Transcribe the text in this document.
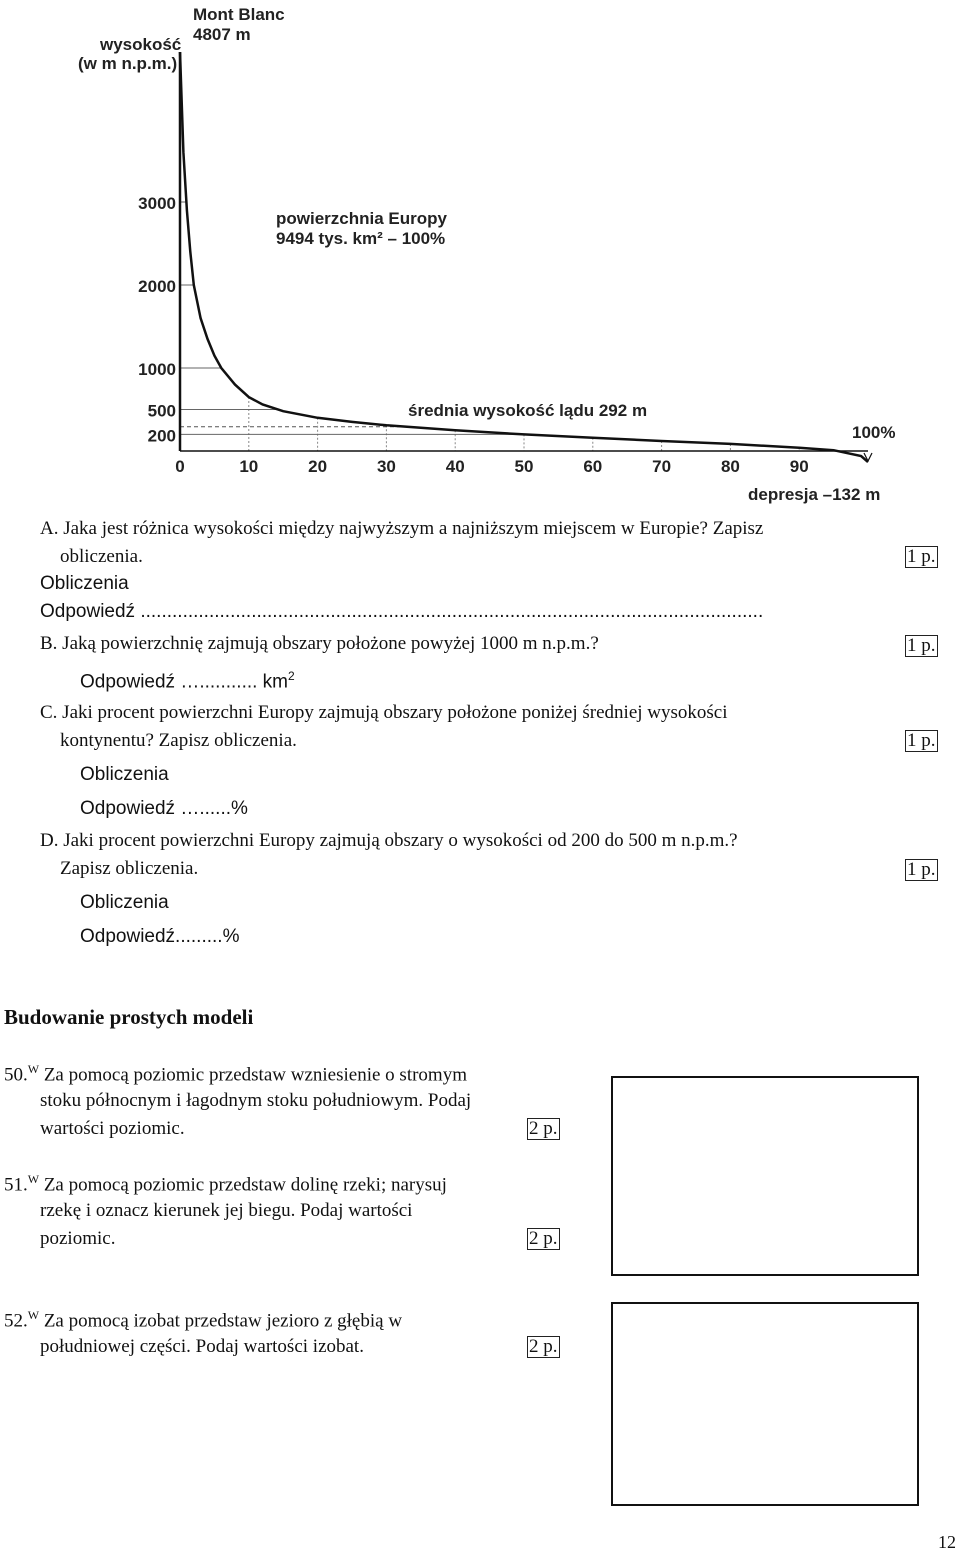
200
500
1000
2000
3000
0	10	20	30	40	50	60	70	80	90
Mont Blanc
4807 m
wysokość
(w m n.p.m.)
powierzchnia Europy
9494 tys. km² – 100%
średnia wysokość lądu 292 m
100%
depresja –132 m
A. Jaka jest różnica wysokości między najwyższym a najniższym miejscem w Europie? Zapisz
obliczenia.	1 p.
Obliczenia
Odpowiedź ......................................................................................................................
B. Jaką powierzchnię zajmują obszary położone powyżej 1000 m n.p.m.?	1 p.
Odpowiedź …........... $km^2$
C. Jaki procent powierzchni Europy zajmują obszary położone poniżej średniej wysokości
kontynentu? Zapisz obliczenia.	1 p.
Obliczenia
Odpowiedź …......%
D. Jaki procent powierzchni Europy zajmują obszary o wysokości od 200 do 500 m n.p.m.?
Zapisz obliczenia.	1 p.
Obliczenia
Odpowiedź.........%
Budowanie prostych modeli
50.$^W$ Za pomocą poziomic przedstaw wzniesienie o stromym
stoku północnym i łagodnym stoku południowym. Podaj
wartości poziomic.	2 p.
51.$^W$ Za pomocą poziomic przedstaw dolinę rzeki; narysuj
rzekę i oznacz kierunek jej biegu. Podaj wartości
poziomic.	2 p.
52.$^W$ Za pomocą izobat przedstaw jezioro z głębią w
południowej części. Podaj wartości izobat.	2 p.
12
